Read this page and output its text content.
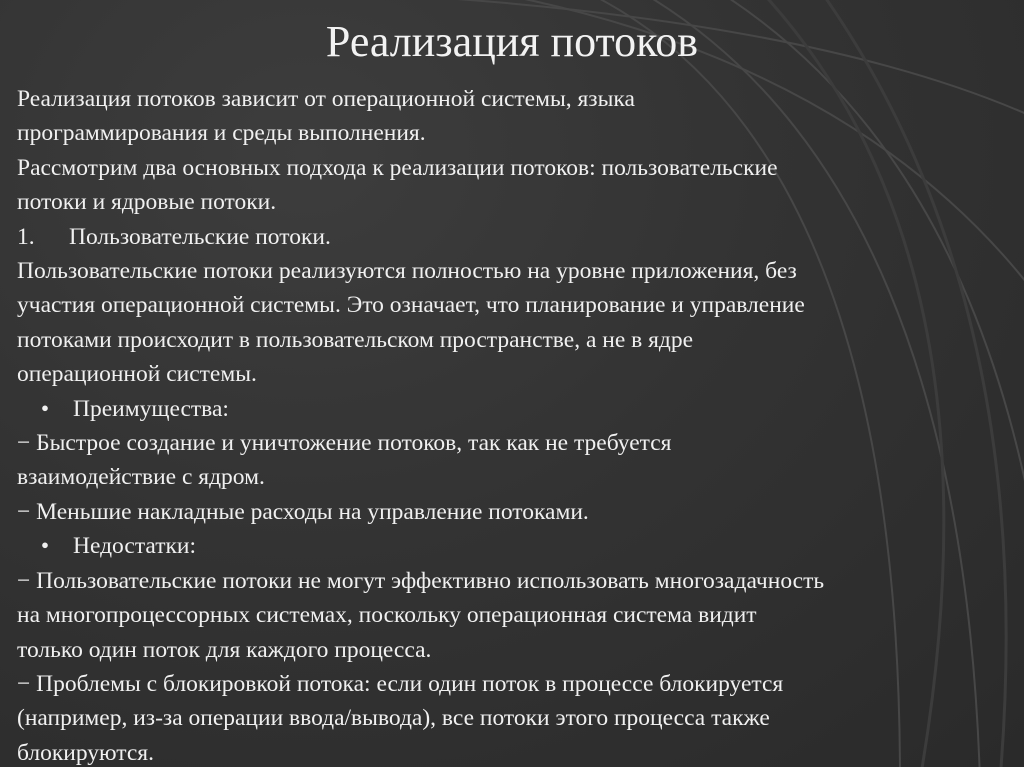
Реализация потоков
Реализация потоков зависит от операционной системы, языка
программирования и среды выполнения.
Рассмотрим два основных подхода к реализации потоков: пользовательские
потоки и ядровые потоки.
1. Пользовательские потоки.
Пользовательские потоки реализуются полностью на уровне приложения, без
участия операционной системы. Это означает, что планирование и управление
потоками происходит в пользовательском пространстве, а не в ядре
операционной системы.
• Преимущества:
− Быстрое создание и уничтожение потоков, так как не требуется
взаимодействие с ядром.
− Меньшие накладные расходы на управление потоками.
• Недостатки:
− Пользовательские потоки не могут эффективно использовать многозадачность
на многопроцессорных системах, поскольку операционная система видит
только один поток для каждого процесса.
− Проблемы с блокировкой потока: если один поток в процессе блокируется
(например, из-за операции ввода/вывода), все потоки этого процесса также
блокируются.
